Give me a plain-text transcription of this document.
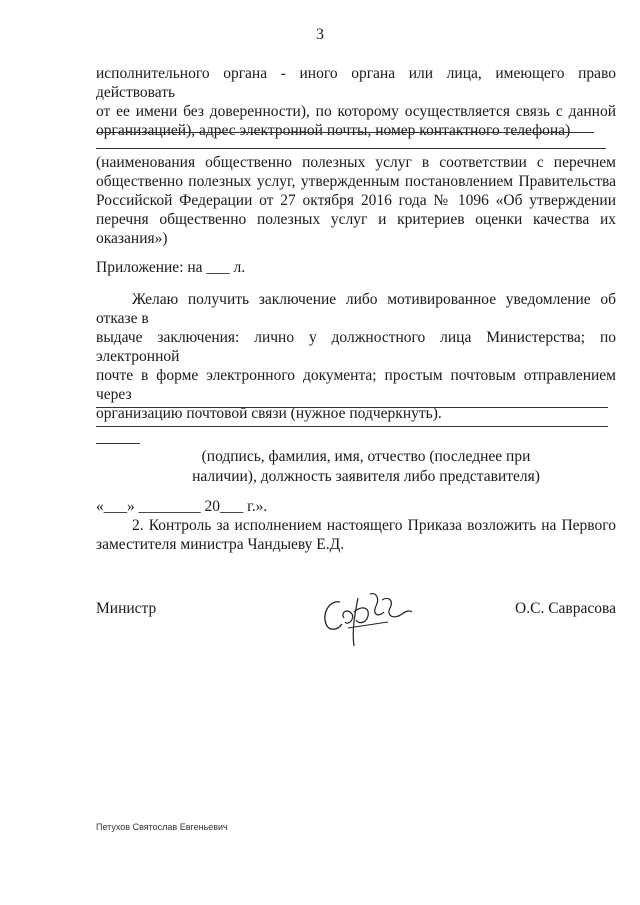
3
исполнительного органа - иного органа или лица, имеющего право действовать
от ее имени без доверенности), по которому осуществляется связь с данной
организацией), адрес электронной почты, номер контактного телефона)
(наименования общественно полезных услуг в соответствии с перечнем
общественно полезных услуг, утвержденным постановлением Правительства
Российской Федерации от 27 октября 2016 года № 1096 «Об утверждении
перечня общественно полезных услуг и критериев оценки качества их
оказания»)
Приложение: на ___ л.
Желаю получить заключение либо мотивированное уведомление об
отказе в
выдаче заключения: лично у должностного лица Министерства; по электронной
почте в форме электронного документа; простым почтовым отправлением через
организацию почтовой связи (нужное подчеркнуть).
(подпись, фамилия, имя, отчество (последнее при
наличии), должность заявителя либо представителя)
«___» ________ 20___ г.».
2. Контроль за исполнением настоящего Приказа возложить на Первого
заместителя министра Чандыеву Е.Д.
Министр	О.С. Саврасова
Петухов Святослав Евгеньевич
